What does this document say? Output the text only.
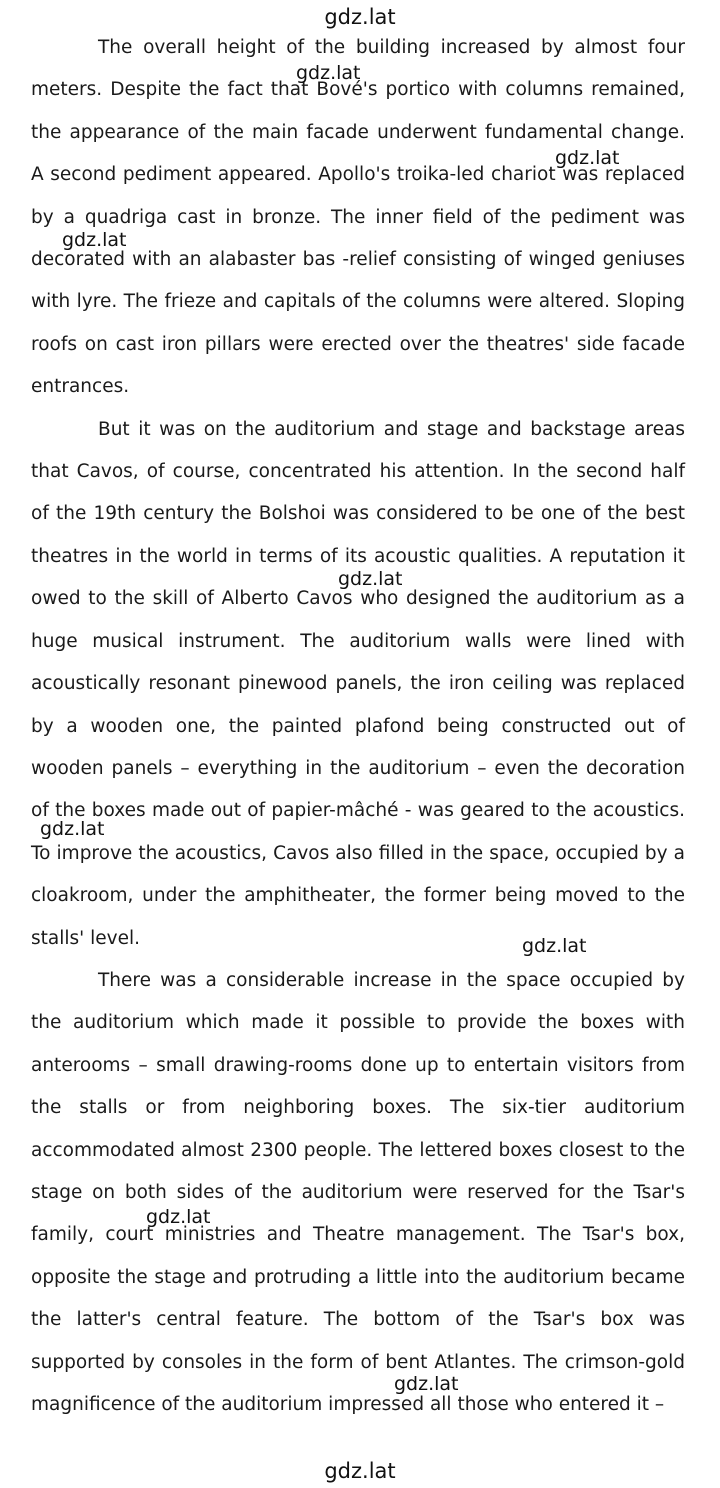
gdz.lat

The overall height of the building increased by almost four meters. Despite the fact that Bové's portico with columns remained, the appearance of the main facade underwent fundamental change. A second pediment appeared. Apollo's troika-led chariot was replaced by a quadriga cast in bronze. The inner field of the pediment was decorated with an alabaster bas -relief consisting of winged geniuses with lyre. The frieze and capitals of the columns were altered. Sloping roofs on cast iron pillars were erected over the theatres' side facade entrances.

But it was on the auditorium and stage and backstage areas that Cavos, of course, concentrated his attention. In the second half of the 19th century the Bolshoi was considered to be one of the best theatres in the world in terms of its acoustic qualities. A reputation it owed to the skill of Alberto Cavos who designed the auditorium as a huge musical instrument. The auditorium walls were lined with acoustically resonant pinewood panels, the iron ceiling was replaced by a wooden one, the painted plafond being constructed out of wooden panels – everything in the auditorium – even the decoration of the boxes made out of papier-mâché - was geared to the acoustics. To improve the acoustics, Cavos also filled in the space, occupied by a cloakroom, under the amphitheater, the former being moved to the stalls' level.

There was a considerable increase in the space occupied by the auditorium which made it possible to provide the boxes with anterooms – small drawing-rooms done up to entertain visitors from the stalls or from neighboring boxes. The six-tier auditorium accommodated almost 2300 people. The lettered boxes closest to the stage on both sides of the auditorium were reserved for the Tsar's family, court ministries and Theatre management. The Tsar's box, opposite the stage and protruding a little into the auditorium became the latter's central feature. The bottom of the Tsar's box was supported by consoles in the form of bent Atlantes. The crimson-gold magnificence of the auditorium impressed all those who entered it –

gdz.lat
gdz.lat
gdz.lat
gdz.lat
gdz.lat
gdz.lat
gdz.lat
gdz.lat
gdz.lat
